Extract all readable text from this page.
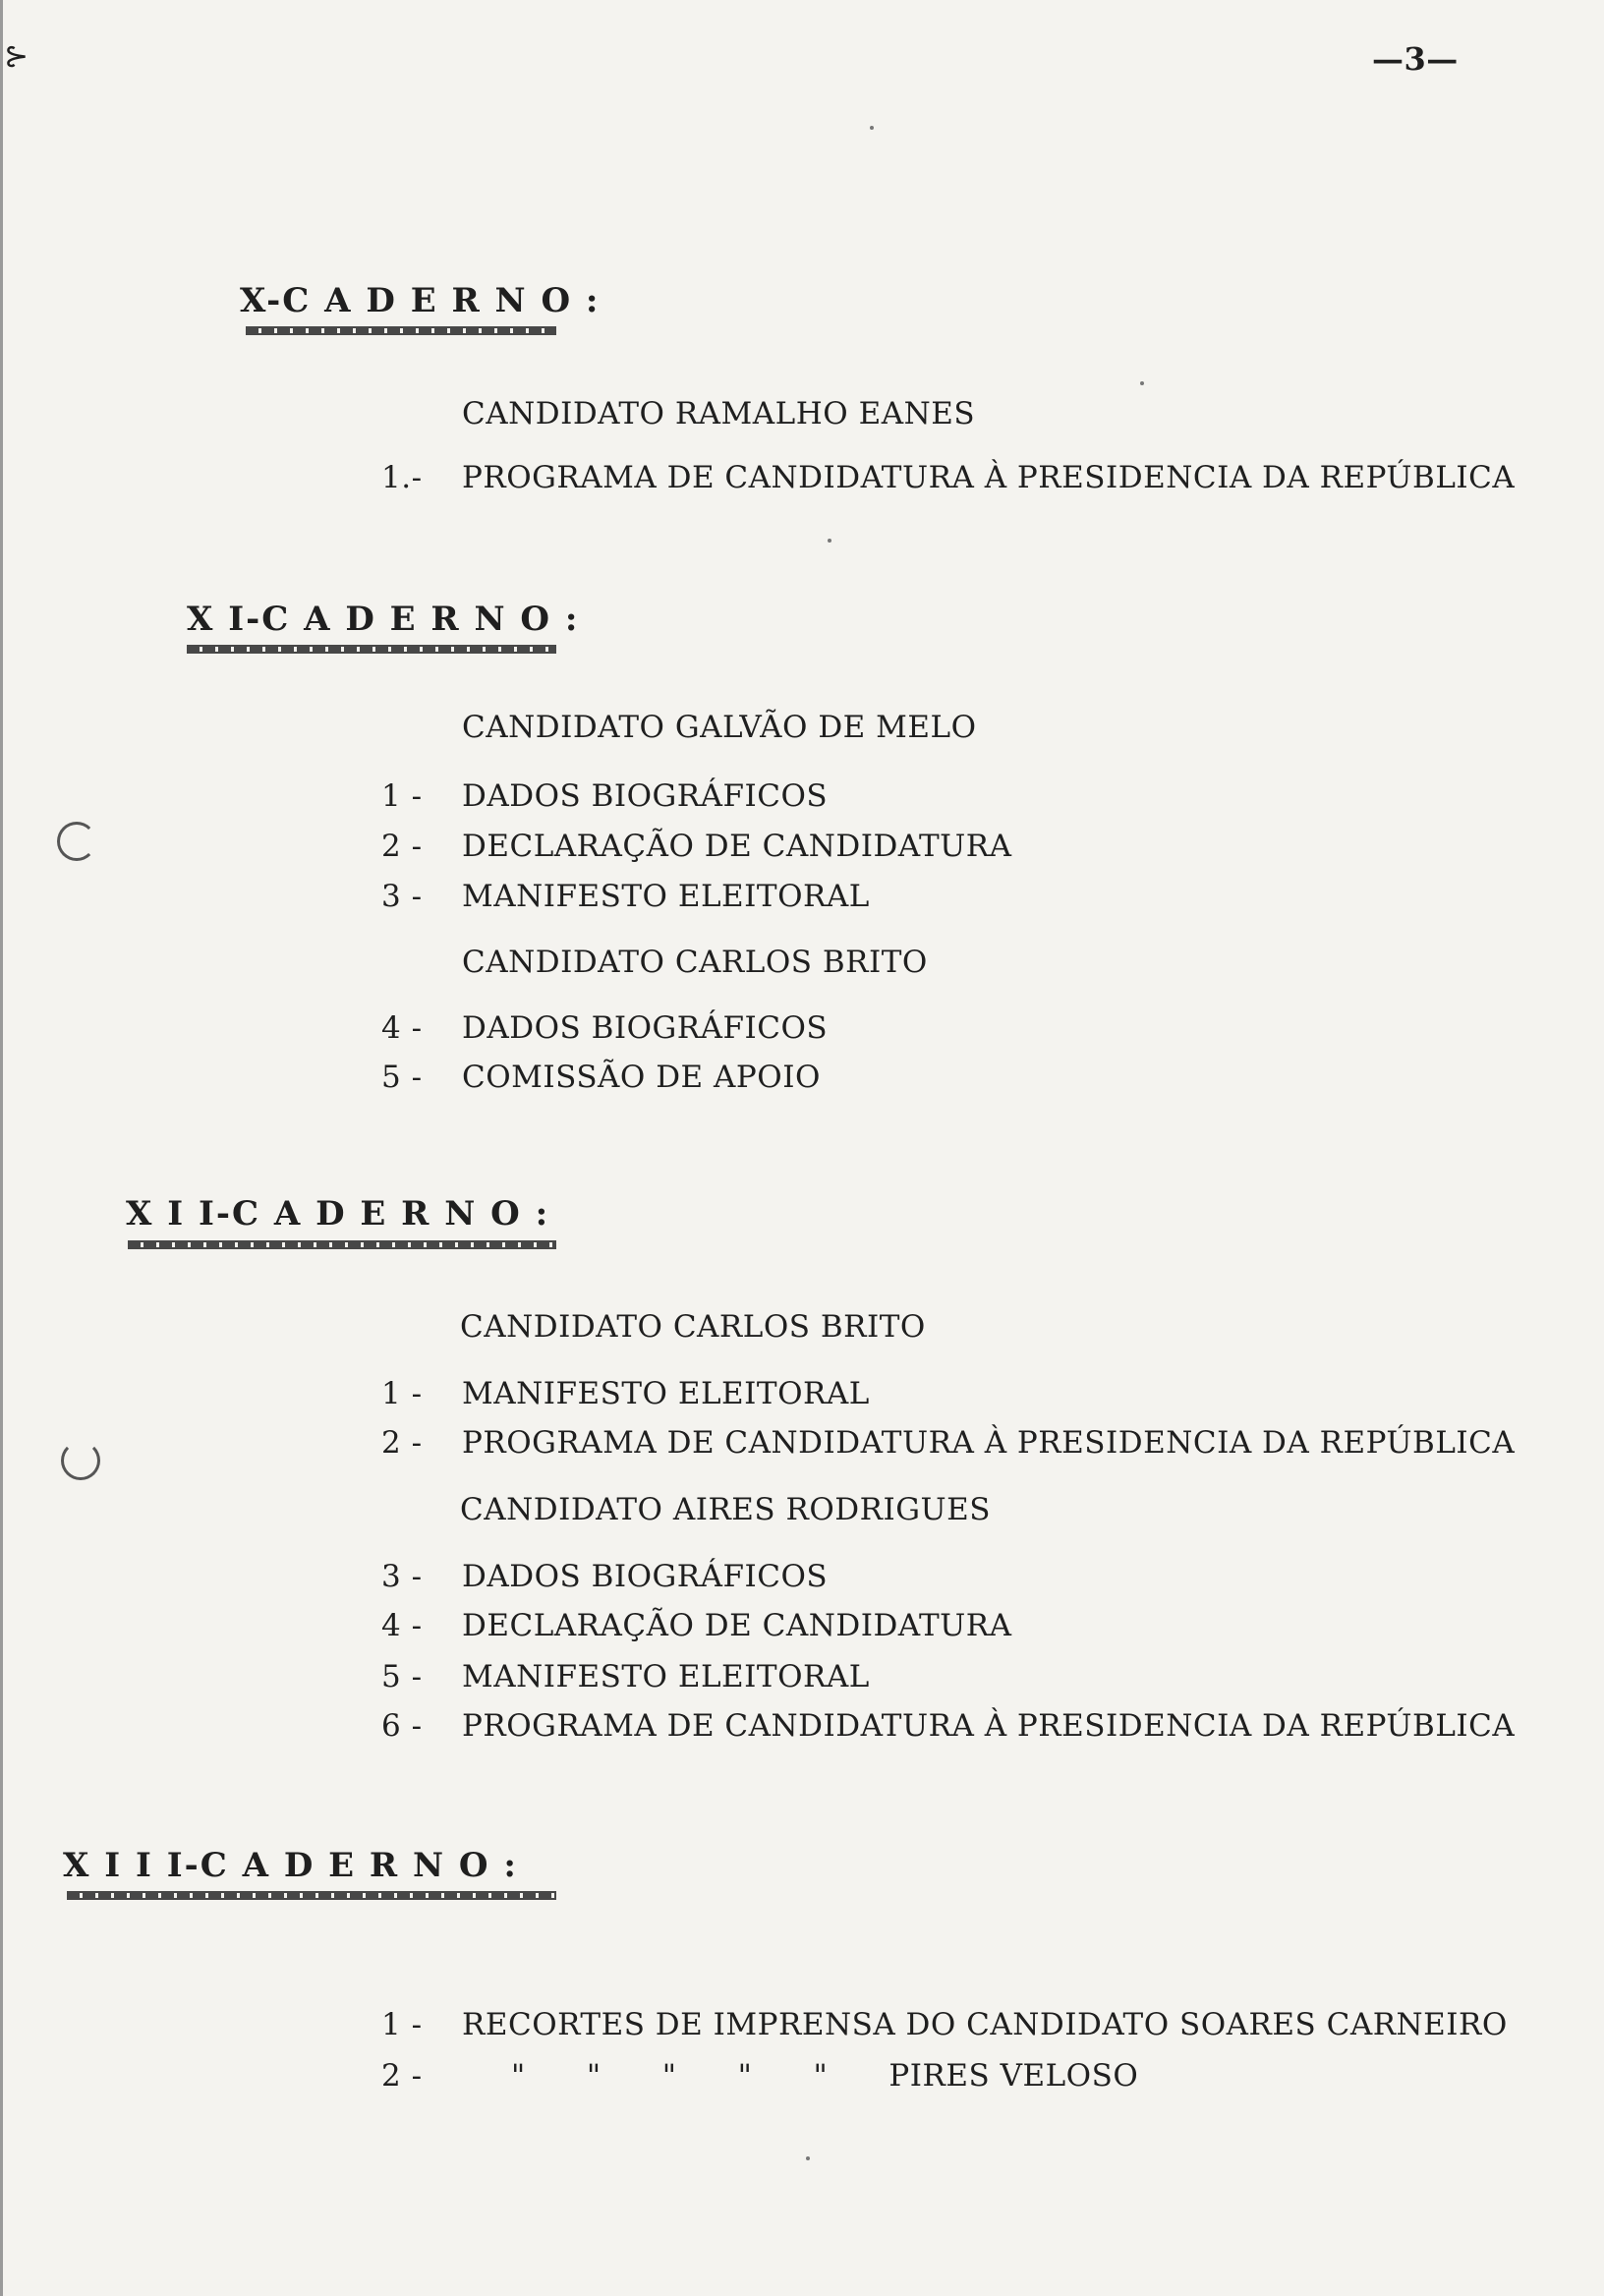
⊱	—3—
X-C A D E R N O :
CANDIDATO RAMALHO EANES
1.- PROGRAMA DE CANDIDATURA À PRESIDENCIA DA REPÚBLICA
X I-C A D E R N O :
CANDIDATO GALVÃO DE MELO
1 - DADOS BIOGRÁFICOS
2 - DECLARAÇÃO DE CANDIDATURA
3 - MANIFESTO ELEITORAL
CANDIDATO CARLOS BRITO
4 - DADOS BIOGRÁFICOS
5 - COMISSÃO DE APOIO
X I I-C A D E R N O :
CANDIDATO CARLOS BRITO
1 - MANIFESTO ELEITORAL
2 - PROGRAMA DE CANDIDATURA À PRESIDENCIA DA REPÚBLICA
CANDIDATO AIRES RODRIGUES
3 - DADOS BIOGRÁFICOS
4 - DECLARAÇÃO DE CANDIDATURA
5 - MANIFESTO ELEITORAL
6 - PROGRAMA DE CANDIDATURA À PRESIDENCIA DA REPÚBLICA
X I I I-C A D E R N O :
1 - RECORTES DE IMPRENSA DO CANDIDATO SOARES CARNEIRO
2 -	"      "      "      "      "      PIRES VELOSO
